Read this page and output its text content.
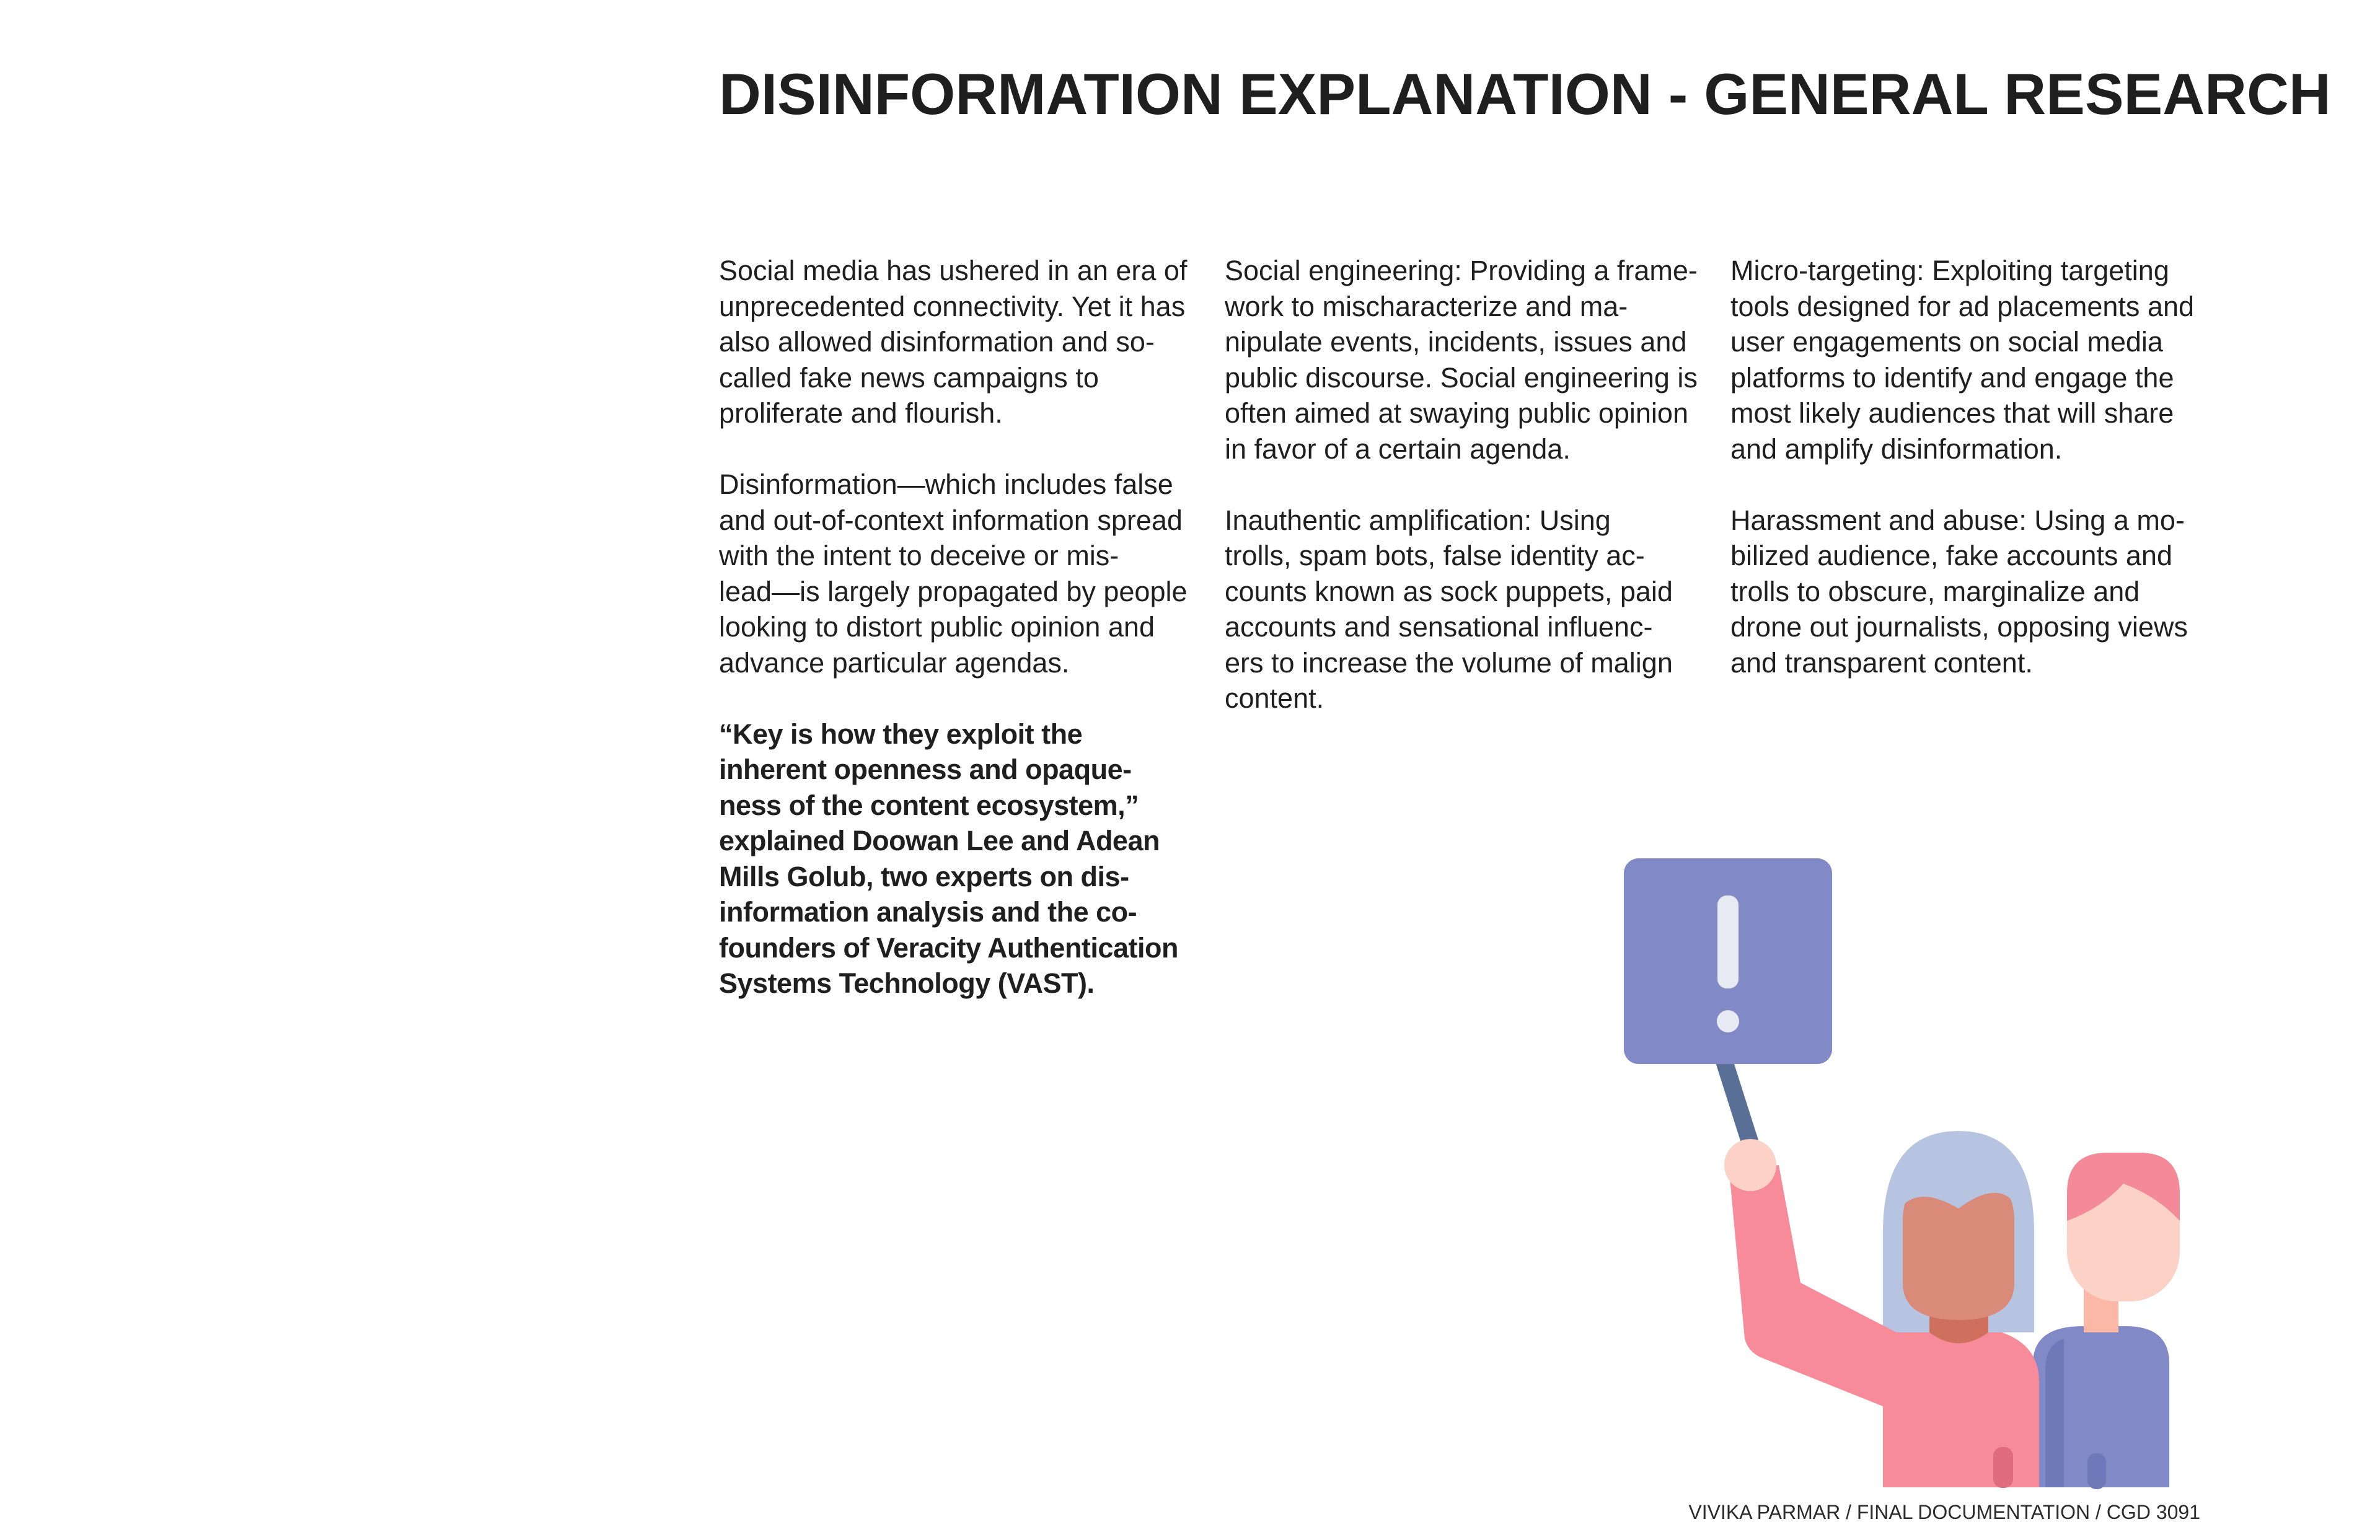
DISINFORMATION EXPLANATION - GENERAL RESEARCH

Social media has ushered in an era of
unprecedented connectivity. Yet it has
also allowed disinformation and so-
called fake news campaigns to
proliferate and flourish.

Disinformation—which includes false
and out-of-context information spread
with the intent to deceive or mis-
lead—is largely propagated by people
looking to distort public opinion and
advance particular agendas.

“Key is how they exploit the
inherent openness and opaque-
ness of the content ecosystem,”
explained Doowan Lee and Adean
Mills Golub, two experts on dis-
information analysis and the co-
founders of Veracity Authentication
Systems Technology (VAST).

Social engineering: Providing a frame-
work to mischaracterize and ma-
nipulate events, incidents, issues and
public discourse. Social engineering is
often aimed at swaying public opinion
in favor of a certain agenda.

Inauthentic amplification: Using
trolls, spam bots, false identity ac-
counts known as sock puppets, paid
accounts and sensational influenc-
ers to increase the volume of malign
content.

Micro-targeting: Exploiting targeting
tools designed for ad placements and
user engagements on social media
platforms to identify and engage the
most likely audiences that will share
and amplify disinformation.

Harassment and abuse: Using a mo-
bilized audience, fake accounts and
trolls to obscure, marginalize and
drone out journalists, opposing views
and transparent content.

VIVIKA PARMAR / FINAL DOCUMENTATION / CGD 3091
